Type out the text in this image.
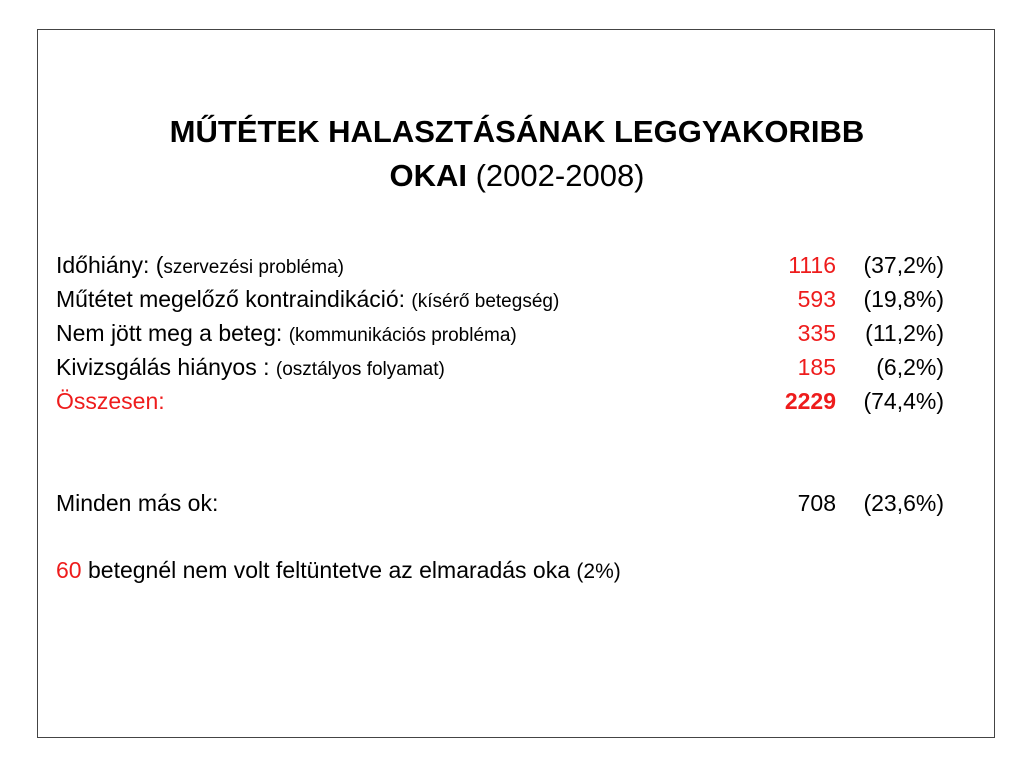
MŰTÉTEK HALASZTÁSÁNAK LEGGYAKORIBB
OKAI (2002-2008)
Időhiány: (szervezési probléma)	1116	(37,2%)
Műtétet megelőző kontraindikáció: (kísérő betegség)	593	(19,8%)
Nem jött meg a beteg: (kommunikációs probléma)	335	(11,2%)
Kivizsgálás hiányos : (osztályos folyamat)	185	(6,2%)
Összesen:	2229	(74,4%)
Minden más ok:	708	(23,6%)
60 betegnél nem volt feltüntetve az elmaradás oka (2%)
